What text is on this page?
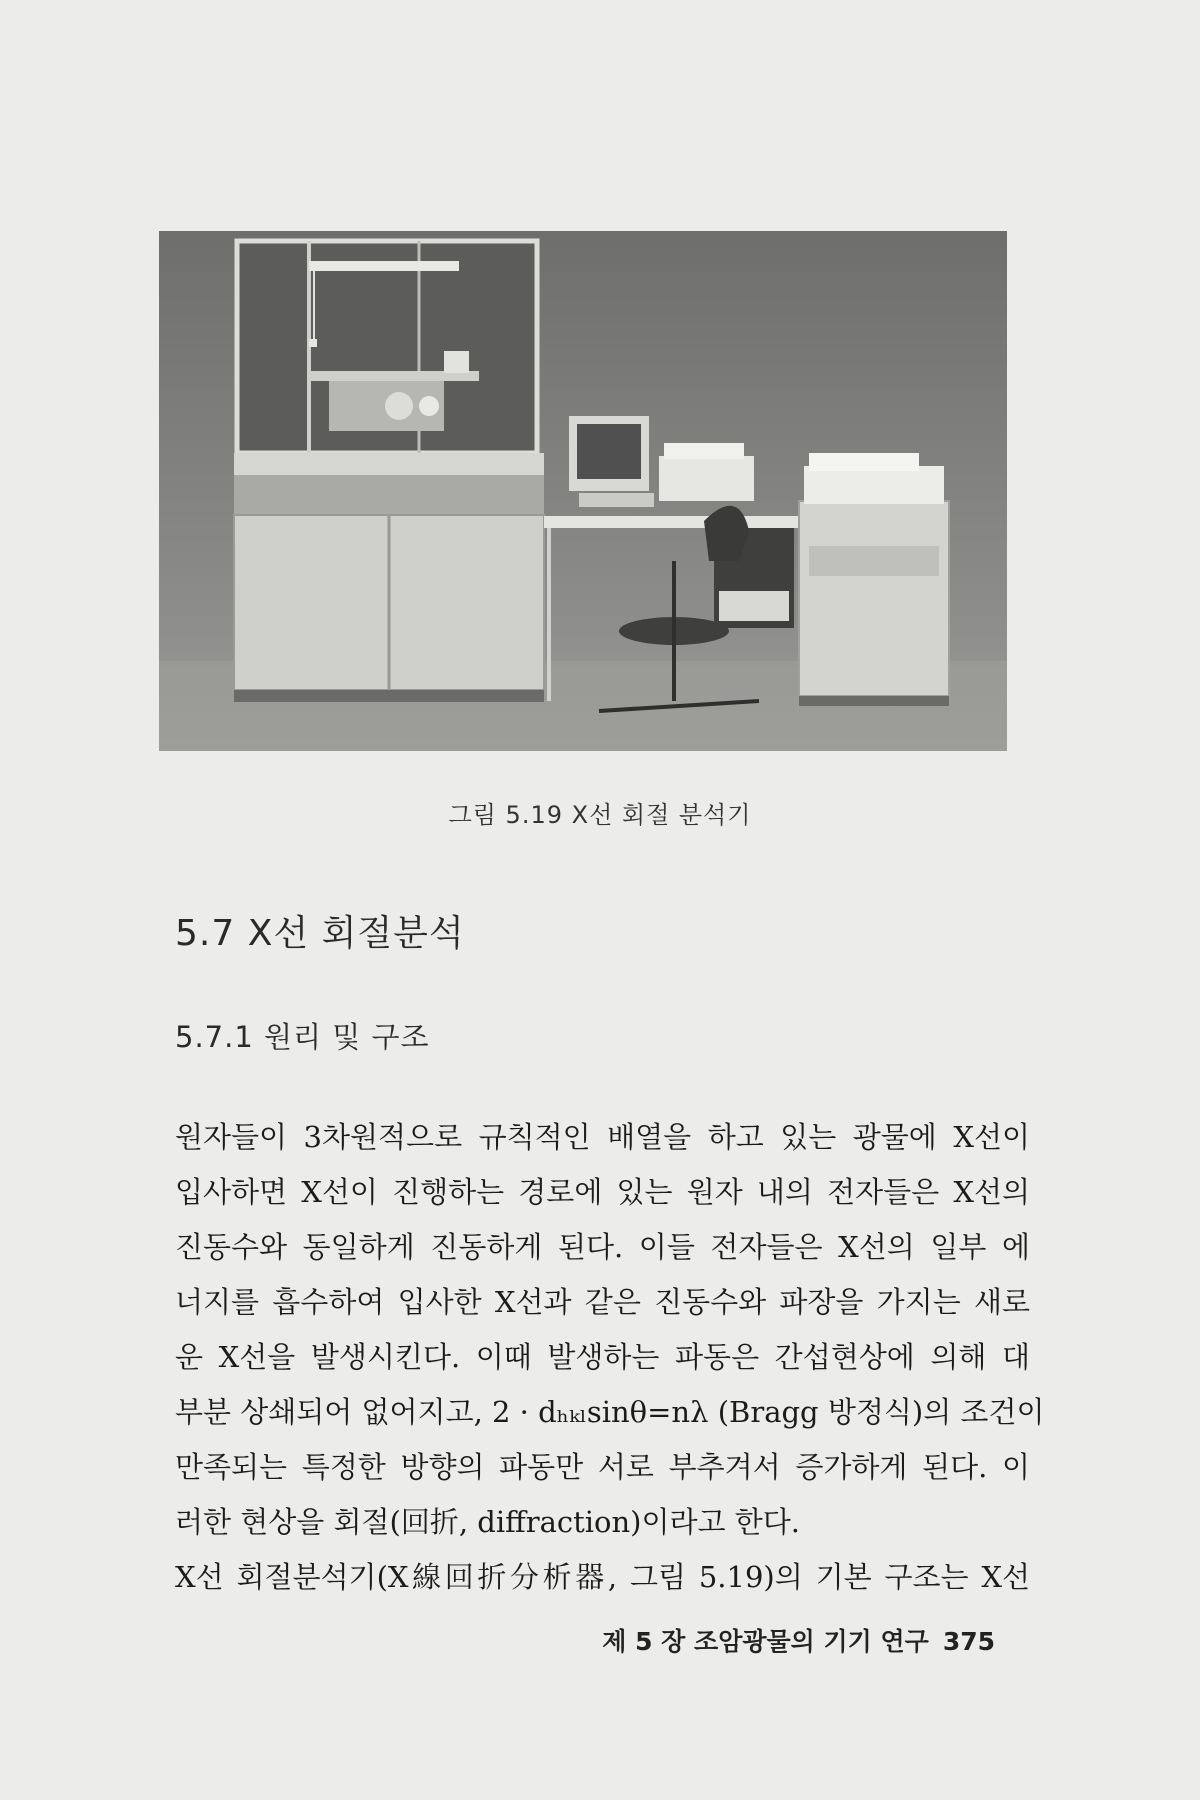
그림 5.19 X선 회절 분석기
5.7 X선 회절분석
5.7.1 원리 및 구조
원자들이 3차원적으로 규칙적인 배열을 하고 있는 광물에 X선이
입사하면 X선이 진행하는 경로에 있는 원자 내의 전자들은 X선의
진동수와 동일하게 진동하게 된다. 이들 전자들은 X선의 일부 에
너지를 흡수하여 입사한 X선과 같은 진동수와 파장을 가지는 새로
운 X선을 발생시킨다. 이때 발생하는 파동은 간섭현상에 의해 대
부분 상쇄되어 없어지고, 2 · dₕₖₗsinθ=nλ (Bragg 방정식)의 조건이
만족되는 특정한 방향의 파동만 서로 부추겨서 증가하게 된다. 이
러한 현상을 회절(回折, diffraction)이라고 한다.
X선 회절분석기(X線回折分析器, 그림 5.19)의 기본 구조는 X선
제 5 장 조암광물의 기기 연구 375
